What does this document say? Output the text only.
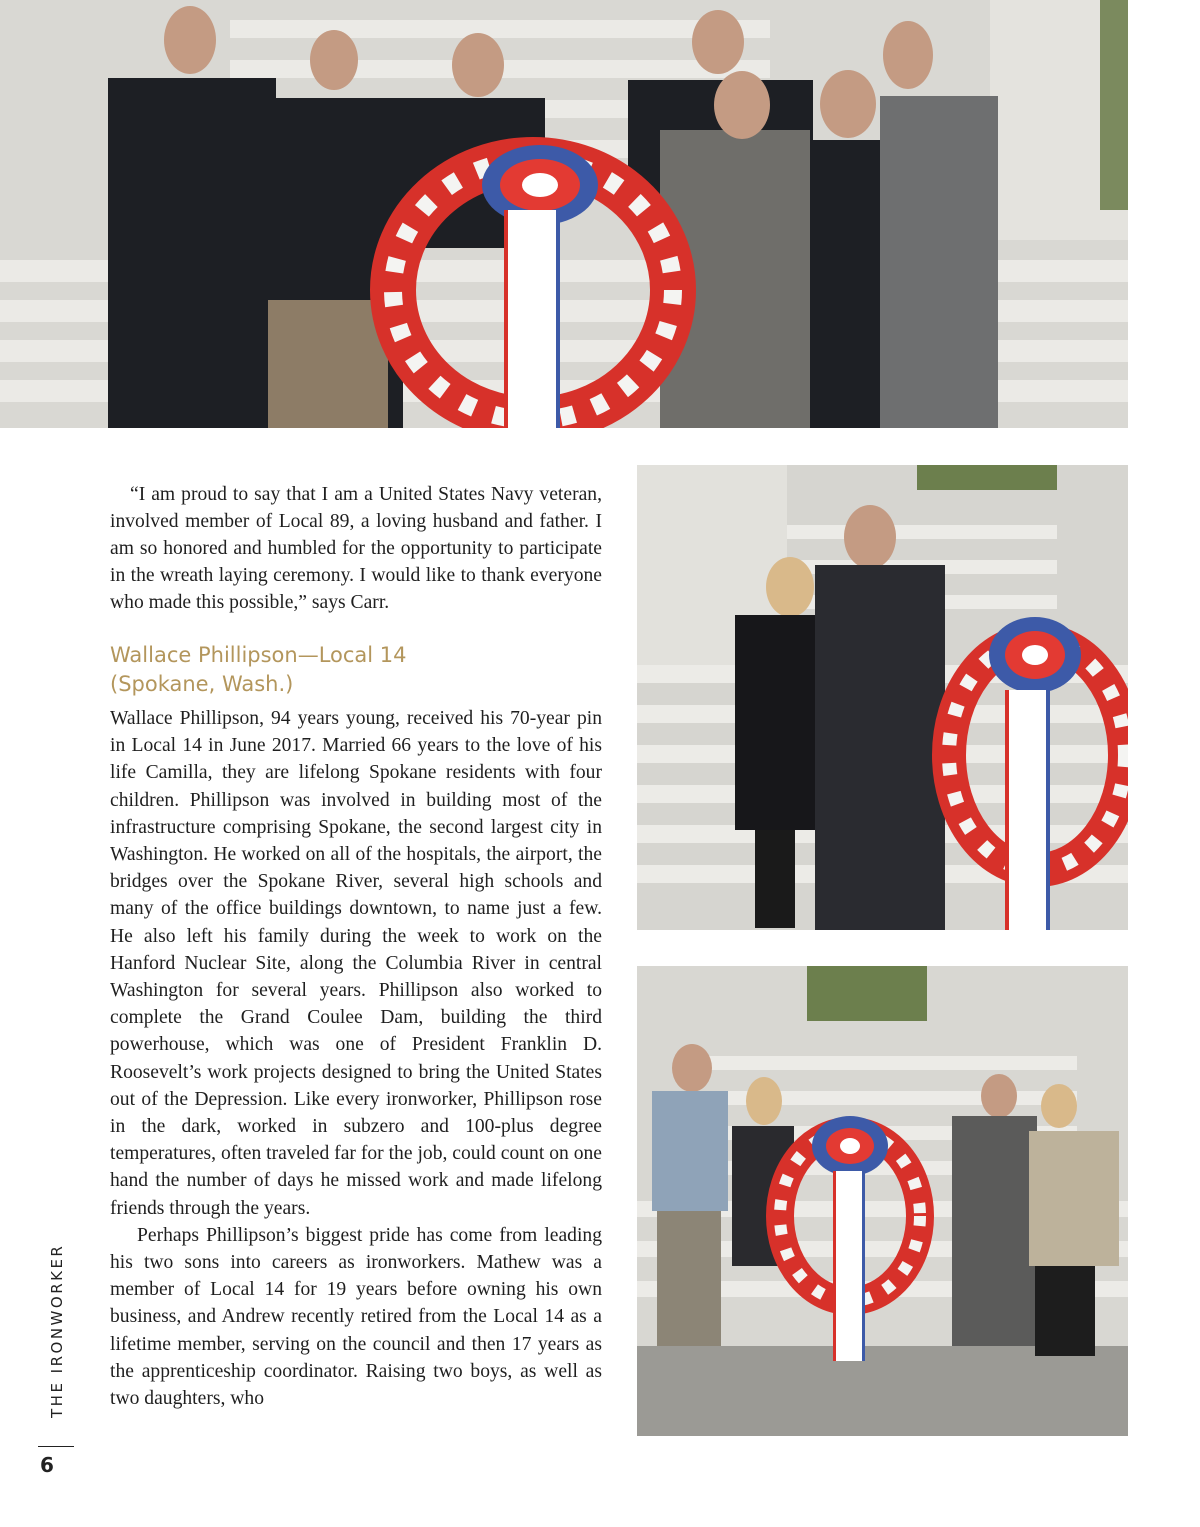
“I am proud to say that I am a United States Navy veteran, involved member of Local 89, a loving husband and father. I am so honored and humbled for the opportunity to participate in the wreath laying ceremony. I would like to thank everyone who made this possible,” says Carr.

Wallace Phillipson—Local 14
(Spokane, Wash.)

Wallace Phillipson, 94 years young, received his 70-year pin in Local 14 in June 2017. Married 66 years to the love of his life Camilla, they are lifelong Spokane residents with four children. Phillipson was involved in building most of the infrastructure comprising Spokane, the second largest city in Washington. He worked on all of the hospitals, the airport, the bridges over the Spokane River, several high schools and many of the office buildings downtown, to name just a few. He also left his family during the week to work on the Hanford Nuclear Site, along the Columbia River in central Washington for several years. Phillipson also worked to complete the Grand Coulee Dam, building the third powerhouse, which was one of President Franklin D. Roosevelt’s work projects designed to bring the United States out of the Depression. Like every ironworker, Phillipson rose in the dark, worked in subzero and 100-plus degree temperatures, often traveled far for the job, could count on one hand the number of days he missed work and made lifelong friends through the years.

Perhaps Phillipson’s biggest pride has come from leading his two sons into careers as ironworkers. Mathew was a member of Local 14 for 19 years before owning his own business, and Andrew recently retired from the Local 14 as a lifetime member, serving on the council and then 17 years as the apprenticeship coordinator. Raising two boys, as well as two daughters, who

THE IRONWORKER
6
